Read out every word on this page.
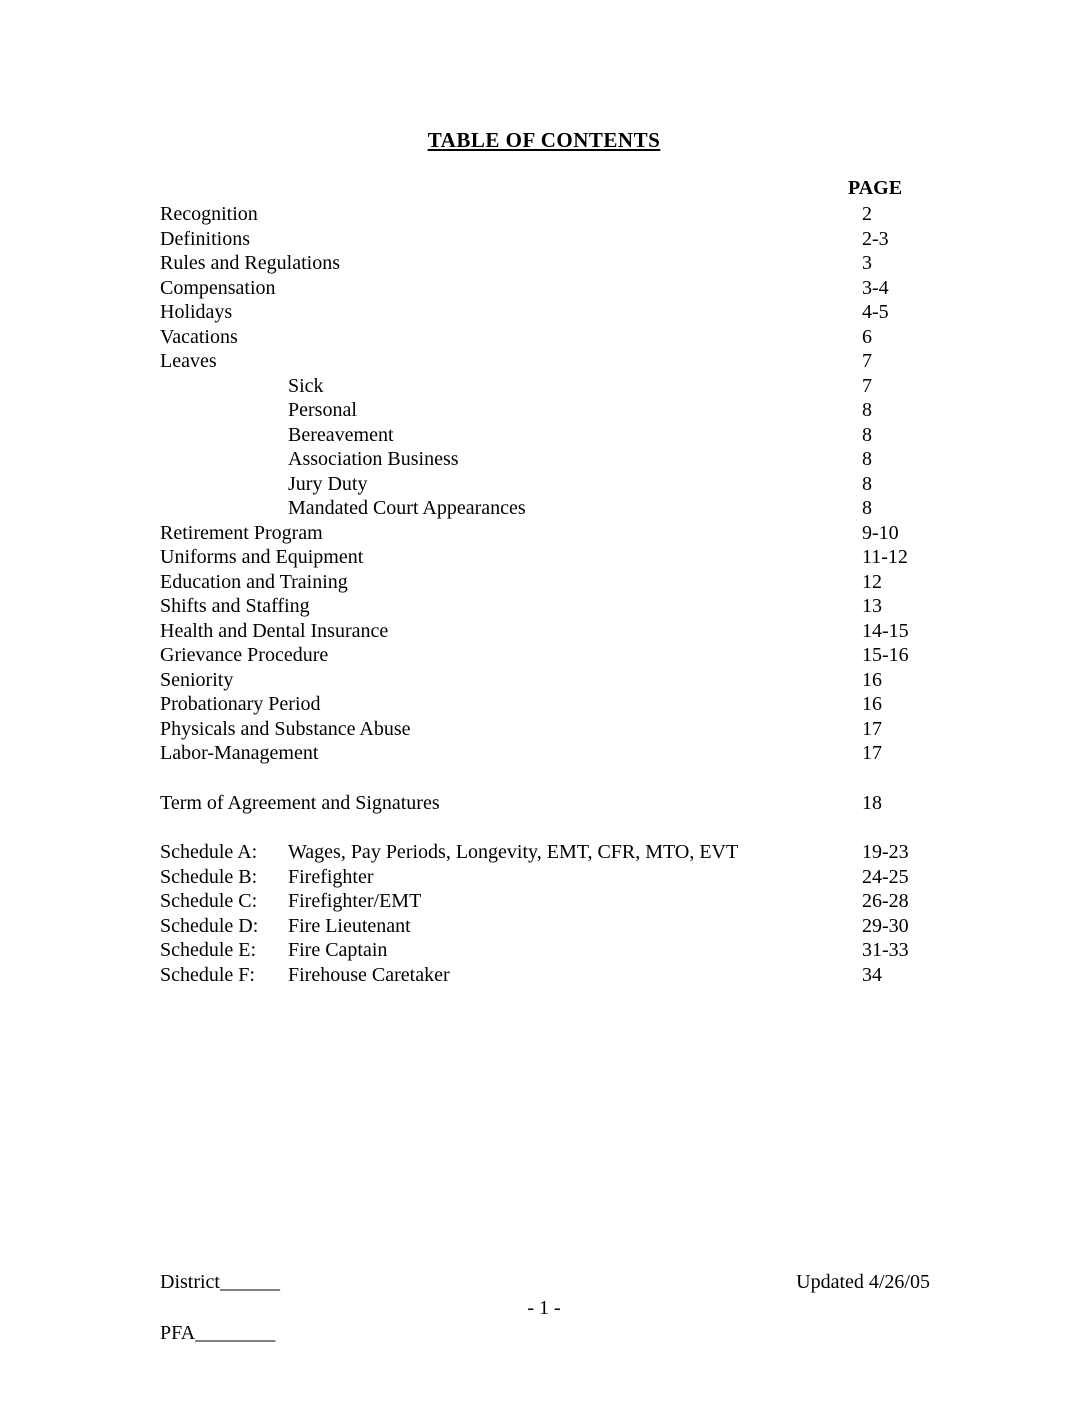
TABLE OF CONTENTS
PAGE
Recognition	2
Definitions	2-3
Rules and Regulations	3
Compensation	3-4
Holidays	4-5
Vacations	6
Leaves	7
Sick	7
Personal	8
Bereavement	8
Association Business	8
Jury Duty	8
Mandated Court Appearances	8
Retirement Program	9-10
Uniforms and Equipment	11-12
Education and Training	12
Shifts and Staffing	13
Health and Dental Insurance	14-15
Grievance Procedure	15-16
Seniority	16
Probationary Period	16
Physicals and Substance Abuse	17
Labor-Management	17
Term of Agreement and Signatures	18
Schedule A:	Wages, Pay Periods, Longevity, EMT, CFR, MTO, EVT	19-23
Schedule B:	Firefighter	24-25
Schedule C:	Firefighter/EMT	26-28
Schedule D:	Fire Lieutenant	29-30
Schedule E:	Fire Captain	31-33
Schedule F:	Firehouse Caretaker	34
District______	Updated 4/26/05
- 1 -
PFA________
